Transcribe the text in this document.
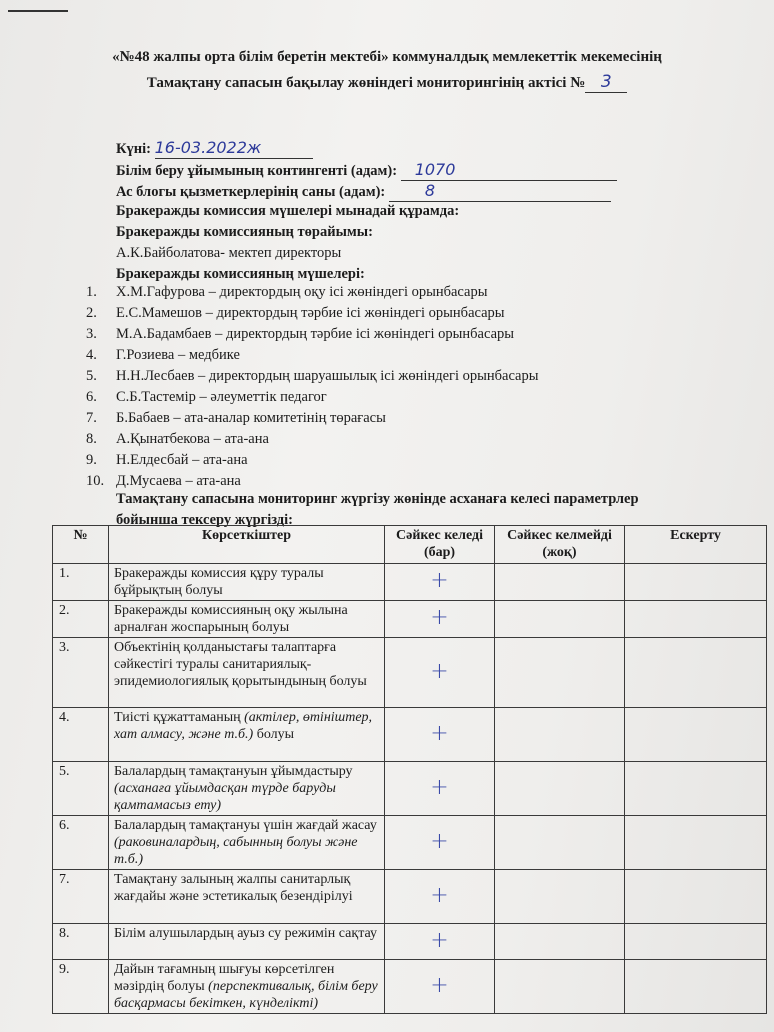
«№48 жалпы орта білім беретін мектебі» коммуналдық мемлекеттік мекемесінің
Тамақтану сапасын бақылау жөніндегі мониторингінің актісі № 3
Күні: 16-03.2022ж
Білім беру ұйымының контингенті (адам): 1070
Ас блогы қызметкерлерінің саны (адам): 8
Бракеражды комиссия мүшелері мынадай құрамда:
Бракеражды комиссияның төрайымы:
А.К.Байболатова- мектеп директоры
Бракеражды комиссияның мүшелері:
1. Х.М.Гафурова – директордың оқу ісі жөніндегі орынбасары
2. Е.С.Мамешов – директордың тәрбие ісі жөніндегі орынбасары
3. М.А.Бадамбаев – директордың тәрбие ісі жөніндегі орынбасары
4. Г.Розиева – медбике
5. Н.Н.Лесбаев – директордың шаруашылық ісі жөніндегі орынбасары
6. С.Б.Тастемір – әлеуметтік педагог
7. Б.Бабаев – ата-аналар комитетінің төрағасы
8. А.Қынатбекова – ата-ана
9. Н.Елдесбай – ата-ана
10. Д.Мусаева – ата-ана
Тамақтану сапасына мониторинг жүргізу жөнінде асханаға келесі параметрлер
бойынша тексеру жүргізді:
№	Көрсеткіштер	Сәйкес келеді (бар)	Сәйкес келмейді (жоқ)	Ескерту
1.	Бракеражды комиссия құру туралы бұйрықтың болуы	+		
2.	Бракеражды комиссияның оқу жылына арналған жоспарының болуы	+		
3.	Объектінің қолданыстағы талаптарға сәйкестігі туралы санитариялық-эпидемиологиялық қорытындының болуы	+		
4.	Тиісті құжаттаманың (актілер, өтініштер, хат алмасу, және т.б.) болуы	+		
5.	Балалардың тамақтануын ұйымдастыру (асханаға ұйымдасқан түрде баруды қамтамасыз ету)	+		
6.	Балалардың тамақтануы үшін жағдай жасау (раковиналардың, сабынның болуы және т.б.)	+		
7.	Тамақтану залының жалпы санитарлық жағдайы және эстетикалық безендірілуі	+		
8.	Білім алушылардың ауыз су режимін сақтау	+		
9.	Дайын тағамның шығуы көрсетілген мәзірдің болуы (перспективалық, білім беру басқармасы бекіткен, күнделікті)	+		
